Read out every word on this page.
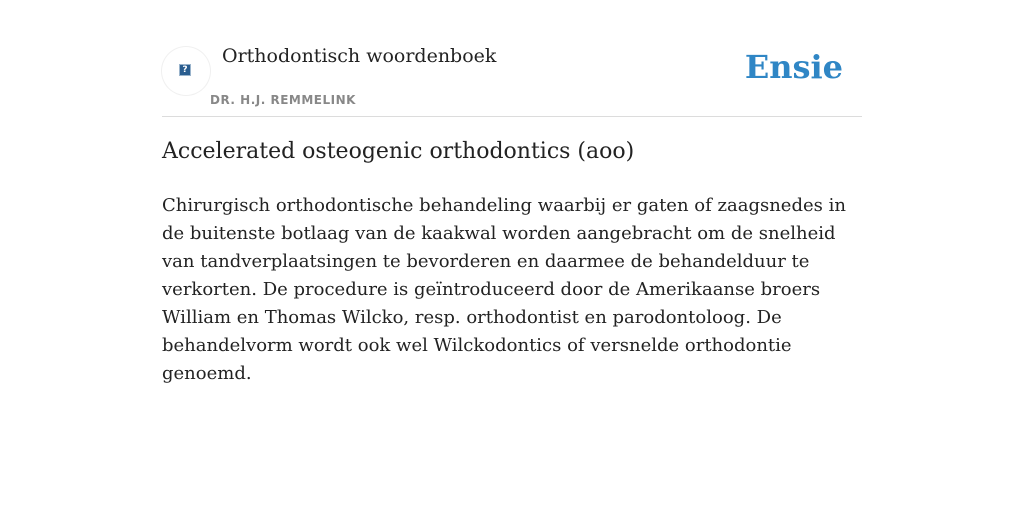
?
Orthodontisch woordenboek
DR. H.J. REMMELINK
Ensie
Accelerated osteogenic orthodontics (aoo)

Chirurgisch orthodontische behandeling waarbij er gaten of zaagsnedes in de buitenste botlaag van de kaakwal worden aangebracht om de snelheid van tandverplaatsingen te bevorderen en daarmee de behandelduur te verkorten. De procedure is geïntroduceerd door de Amerikaanse broers William en Thomas Wilcko, resp. orthodontist en parodontoloog. De behandelvorm wordt ook wel Wilckodontics of versnelde orthodontie genoemd.
